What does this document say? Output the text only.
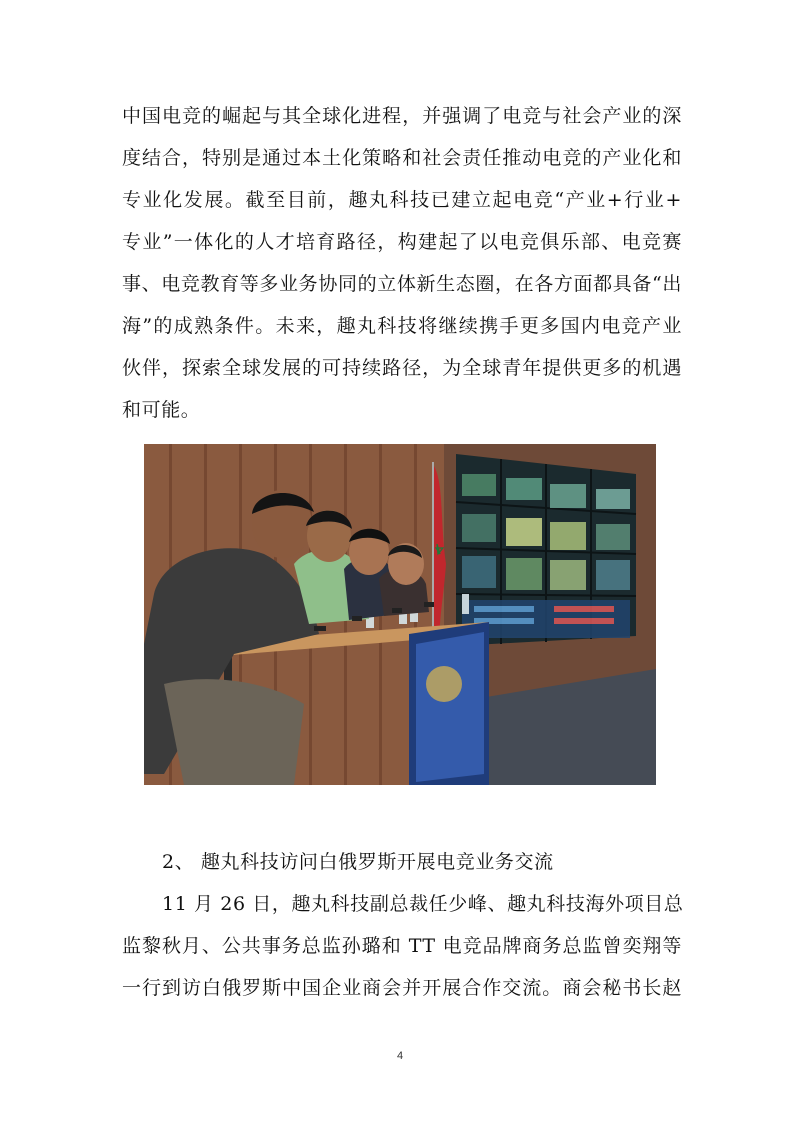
中国电竞的崛起与其全球化进程，并强调了电竞与社会产业的深
度结合，特别是通过本土化策略和社会责任推动电竞的产业化和
专业化发展。截至目前，趣丸科技已建立起电竞“产业+行业+
专业”一体化的人才培育路径，构建起了以电竞俱乐部、电竞赛
事、电竞教育等多业务协同的立体新生态圈，在各方面都具备“出
海”的成熟条件。未来，趣丸科技将继续携手更多国内电竞产业
伙伴，探索全球发展的可持续路径，为全球青年提供更多的机遇
和可能。
2、 趣丸科技访问白俄罗斯开展电竞业务交流
11 月 26 日，趣丸科技副总裁任少峰、趣丸科技海外项目总
监黎秋月、公共事务总监孙璐和 TT 电竞品牌商务总监曾奕翔等
一行到访白俄罗斯中国企业商会并开展合作交流。商会秘书长赵
4
